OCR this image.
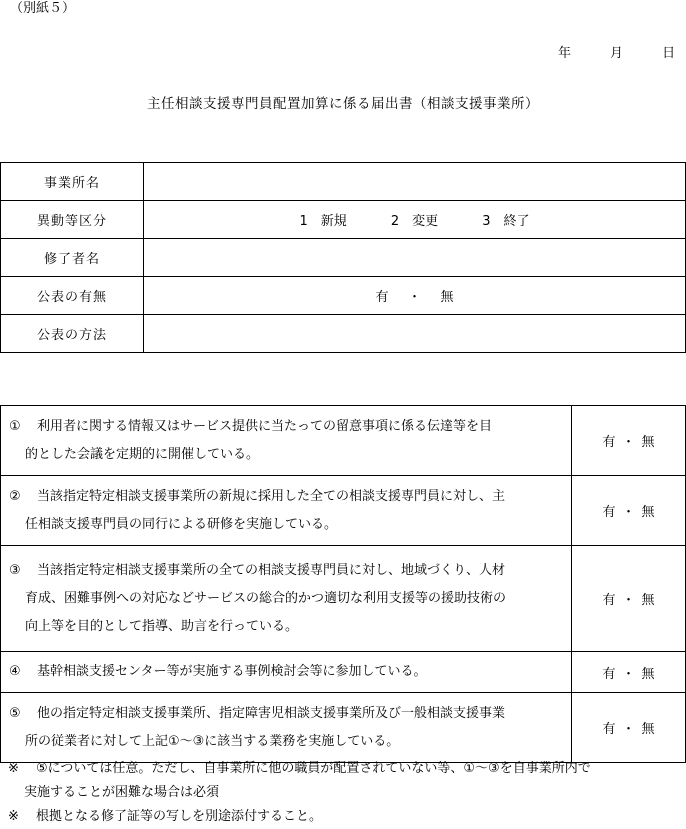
（別紙５）
年　　　	月　　　	日
主任相談支援専門員配置加算に係る届出書（相談支援事業所）
事業所名	
異動等区分	1　新規 2　変更 3　終了
修了者名	
公表の有無	有 ・ 無
公表の方法	
① 利用者に関する情報又はサービス提供に当たっての留意事項に係る伝達等を目
的とした会議を定期的に開催している。	有 ・ 無

② 当該指定特定相談支援事業所の新規に採用した全ての相談支援専門員に対し、主
任相談支援専門員の同行による研修を実施している。	有 ・ 無

③ 当該指定特定相談支援事業所の全ての相談支援専門員に対し、地域づくり、人材
育成、困難事例への対応などサービスの総合的かつ適切な利用支援等の援助技術の
向上等を目的として指導、助言を行っている。	有 ・ 無

④ 基幹相談支援センター等が実施する事例検討会等に参加している。	有 ・ 無

⑤ 他の指定特定相談支援事業所、指定障害児相談支援事業所及び一般相談支援事業
所の従業者に対して上記①～③に該当する業務を実施している。	有 ・ 無
※ ⑤については任意。ただし、自事業所に他の職員が配置されていない等、①～③を自事業所内で
実施することが困難な場合は必須
※ 根拠となる修了証等の写しを別途添付すること。
